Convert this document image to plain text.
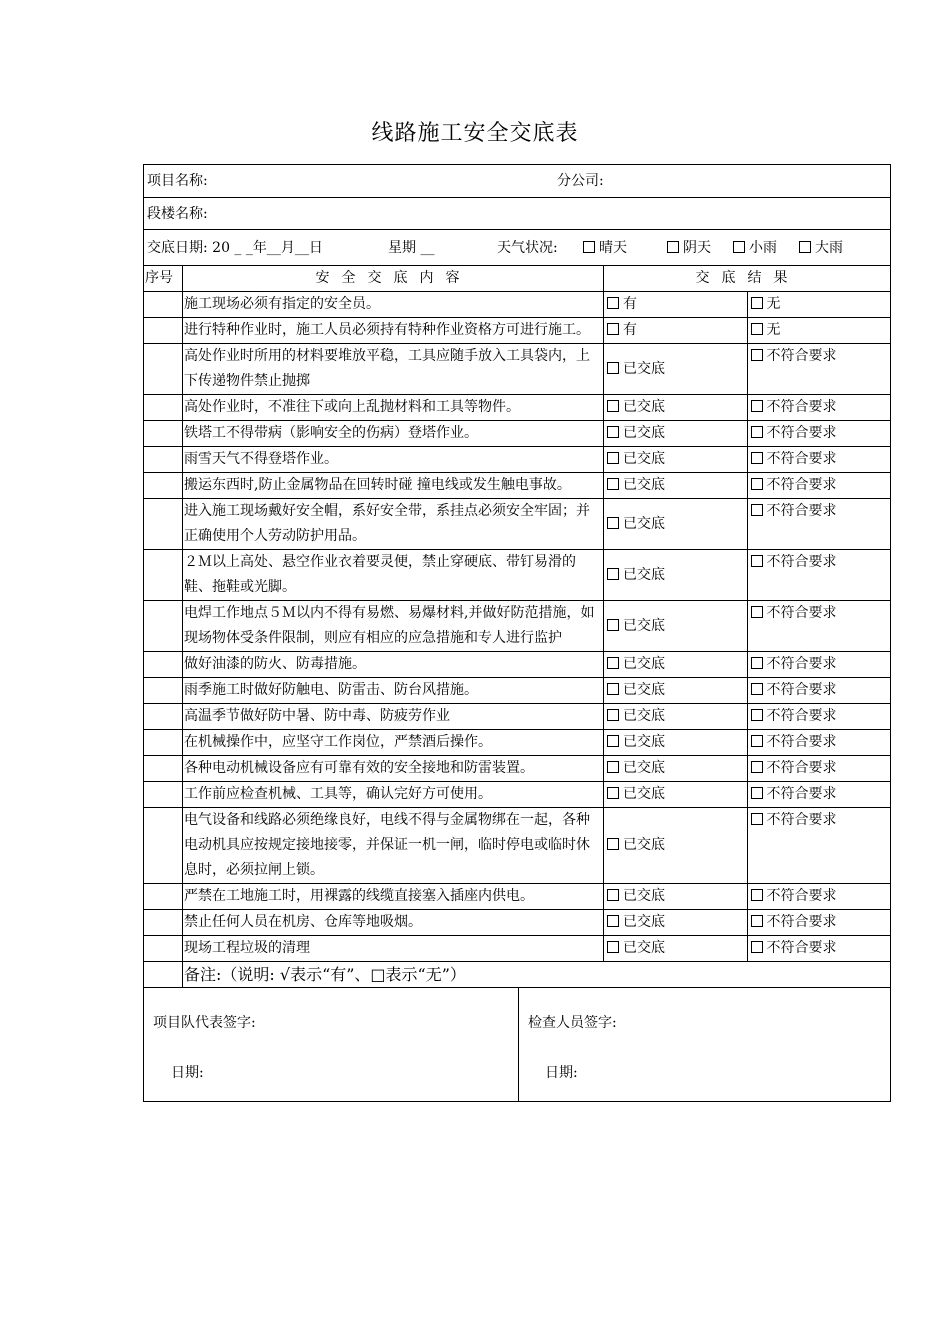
线路施工安全交底表
项目名称:	分公司:
段楼名称:
交底日期: 20 _ _年__月__日	星期 __	天气状况:	晴天	阴天	小雨	大雨
序号	安全交底内容	交底结果	
	施工现场必须有指定的安全员。	有	无
	进行特种作业时，施工人员必须持有特种作业资格方可进行施工。	有	无
	高处作业时所用的材料要堆放平稳，工具应随手放入工具袋内，上下传递物件禁止抛掷	已交底	不符合要求
	高处作业时，不准往下或向上乱抛材料和工具等物件。	已交底	不符合要求
	铁塔工不得带病（影响安全的伤病）登塔作业。	已交底	不符合要求
	雨雪天气不得登塔作业。	已交底	不符合要求
	搬运东西时,防止金属物品在回转时碰 撞电线或发生触电事故。	已交底	不符合要求
	进入施工现场戴好安全帽，系好安全带，系挂点必须安全牢固；并正确使用个人劳动防护用品。	已交底	不符合要求
	２Ｍ以上高处、悬空作业衣着要灵便，禁止穿硬底、带钉易滑的鞋、拖鞋或光脚。	已交底	不符合要求
	电焊工作地点５Ｍ以内不得有易燃、易爆材料,并做好防范措施，如现场物体受条件限制，则应有相应的应急措施和专人进行监护	已交底	不符合要求
	做好油漆的防火、防毒措施。	已交底	不符合要求
	雨季施工时做好防触电、防雷击、防台风措施。	已交底	不符合要求
	高温季节做好防中暑、防中毒、防疲劳作业	已交底	不符合要求
	在机械操作中，应坚守工作岗位，严禁酒后操作。	已交底	不符合要求
	各种电动机械设备应有可靠有效的安全接地和防雷装置。	已交底	不符合要求
	工作前应检查机械、工具等，确认完好方可使用。	已交底	不符合要求
	电气设备和线路必须绝缘良好，电线不得与金属物绑在一起，各种电动机具应按规定接地接零，并保证一机一闸，临时停电或临时休息时，必须拉闸上锁。	已交底	不符合要求
	严禁在工地施工时，用裸露的线缆直接塞入插座内供电。	已交底	不符合要求
	禁止任何人员在机房、仓库等地吸烟。	已交底	不符合要求
	现场工程垃圾的清理	已交底	不符合要求
	备注:（说明: √表示“有”、□表示“无”）		
项目队代表签字:
日期:
检查人员签字:
日期:
